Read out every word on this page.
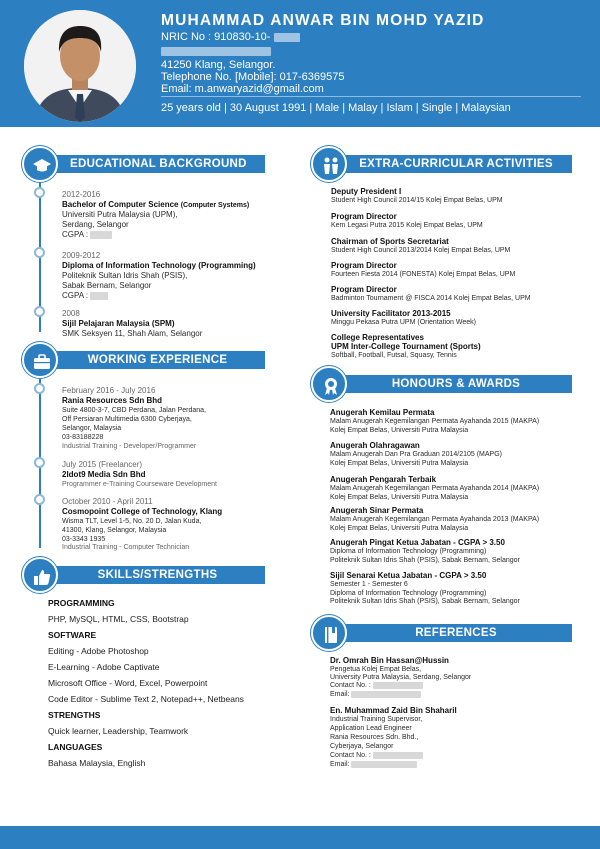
MUHAMMAD ANWAR BIN MOHD YAZID
NRIC No : 910830-10-
41250 Klang, Selangor.
Telephone No. [Mobile]: 017-6369575
Email: m.anwaryazid@gmail.com
25 years old | 30 August 1991 | Male | Malay | Islam | Single | Malaysian
EDUCATIONAL BACKGROUND
2012-2016
Bachelor of Computer Science (Computer Systems)
Universiti Putra Malaysia (UPM),
Serdang, Selangor
CGPA :
2009-2012
Diploma of Information Technology (Programming)
Politeknik Sultan Idris Shah (PSIS),
Sabak Bernam, Selangor
CGPA :
2008
Sijil Pelajaran Malaysia (SPM)
SMK Seksyen 11, Shah Alam, Selangor
WORKING EXPERIENCE
February 2016 - July 2016
Rania Resources Sdn Bhd
Suite 4800-3-7, CBD Perdana, Jalan Perdana,
Off Persiaran Multimedia 6300 Cyberjaya,
Selangor, Malaysia
03-83188228
Industrial Training - Developer/Programmer
July 2015 (Freelancer)
2Idot9 Media Sdn Bhd
Programmer e-Training Courseware Development
October 2010 - April 2011
Cosmopoint College of Technology, Klang
Wisma TLT, Level 1-5, No. 20 D, Jalan Kuda,
41300, Klang, Selangor, Malaysia
03-3343 1935
Industrial Training - Computer Technician
SKILLS/STRENGTHS
PROGRAMMING
PHP, MySQL, HTML, CSS, Bootstrap
SOFTWARE
Editing - Adobe Photoshop
E-Learning - Adobe Captivate
Microsoft Office - Word, Excel, Powerpoint
Code Editor - Sublime Text 2, Notepad++, Netbeans
STRENGTHS
Quick learner, Leadership, Teamwork
LANGUAGES
Bahasa Malaysia, English
EXTRA-CURRICULAR ACTIVITIES
Deputy President I
Student High Council 2014/15 Kolej Empat Belas, UPM
Program Director
Kem Legasi Putra 2015 Kolej Empat Belas, UPM
Chairman of Sports Secretariat
Student High Council 2013/2014 Kolej Empat Belas, UPM
Program Director
Fourteen Fiesta 2014 (FONESTA) Kolej Empat Belas, UPM
Program Director
Badminton Tournament @ FISCA 2014 Kolej Empat Belas, UPM
University Facilitator 2013-2015
Minggu Pekasa Putra UPM (Orientation Week)
College Representatives
UPM Inter-College Tournament (Sports)
Softball, Football, Futsal, Squasy, Tennis
HONOURS & AWARDS
Anugerah Kemilau Permata
Malam Anugerah Kegemilangan Permata Ayahanda 2015 (MAKPA)
Kolej Empat Belas, Universiti Putra Malaysia
Anugerah Olahragawan
Malam Anugerah Dan Pra Graduan 2014/2105 (MAPG)
Kolej Empat Belas, Universiti Putra Malaysia
Anugerah Pengarah Terbaik
Malam Anugerah Kegemilangan Permata Ayahanda 2014 (MAKPA)
Kolej Empat Belas, Universiti Putra Malaysia
Anugerah Sinar Permata
Malam Anugerah Kegemilangan Permata Ayahanda 2013 (MAKPA)
Kolej Empat Belas, Universiti Putra Malaysia
Anugerah Pingat Ketua Jabatan - CGPA > 3.50
Diploma of Information Technology (Programming)
Politeknik Sultan Idris Shah (PSIS), Sabak Bernam, Selangor
Sijil Senarai Ketua Jabatan - CGPA > 3.50
Semester 1 - Semester 6
Diploma of Information Technology (Programming)
Politeknik Sultan Idris Shah (PSIS), Sabak Bernam, Selangor
REFERENCES
Dr. Omrah Bin Hassan@Hussin
Pengetua Kolej Empat Belas,
University Putra Malaysia, Serdang, Selangor
Contact No. :
Email:
En. Muhammad Zaid Bin Shaharil
Industrial Training Supervisor,
Application Lead Engineer
Rania Resources Sdn. Bhd.,
Cyberjaya, Selangor
Contact No. :
Email:
